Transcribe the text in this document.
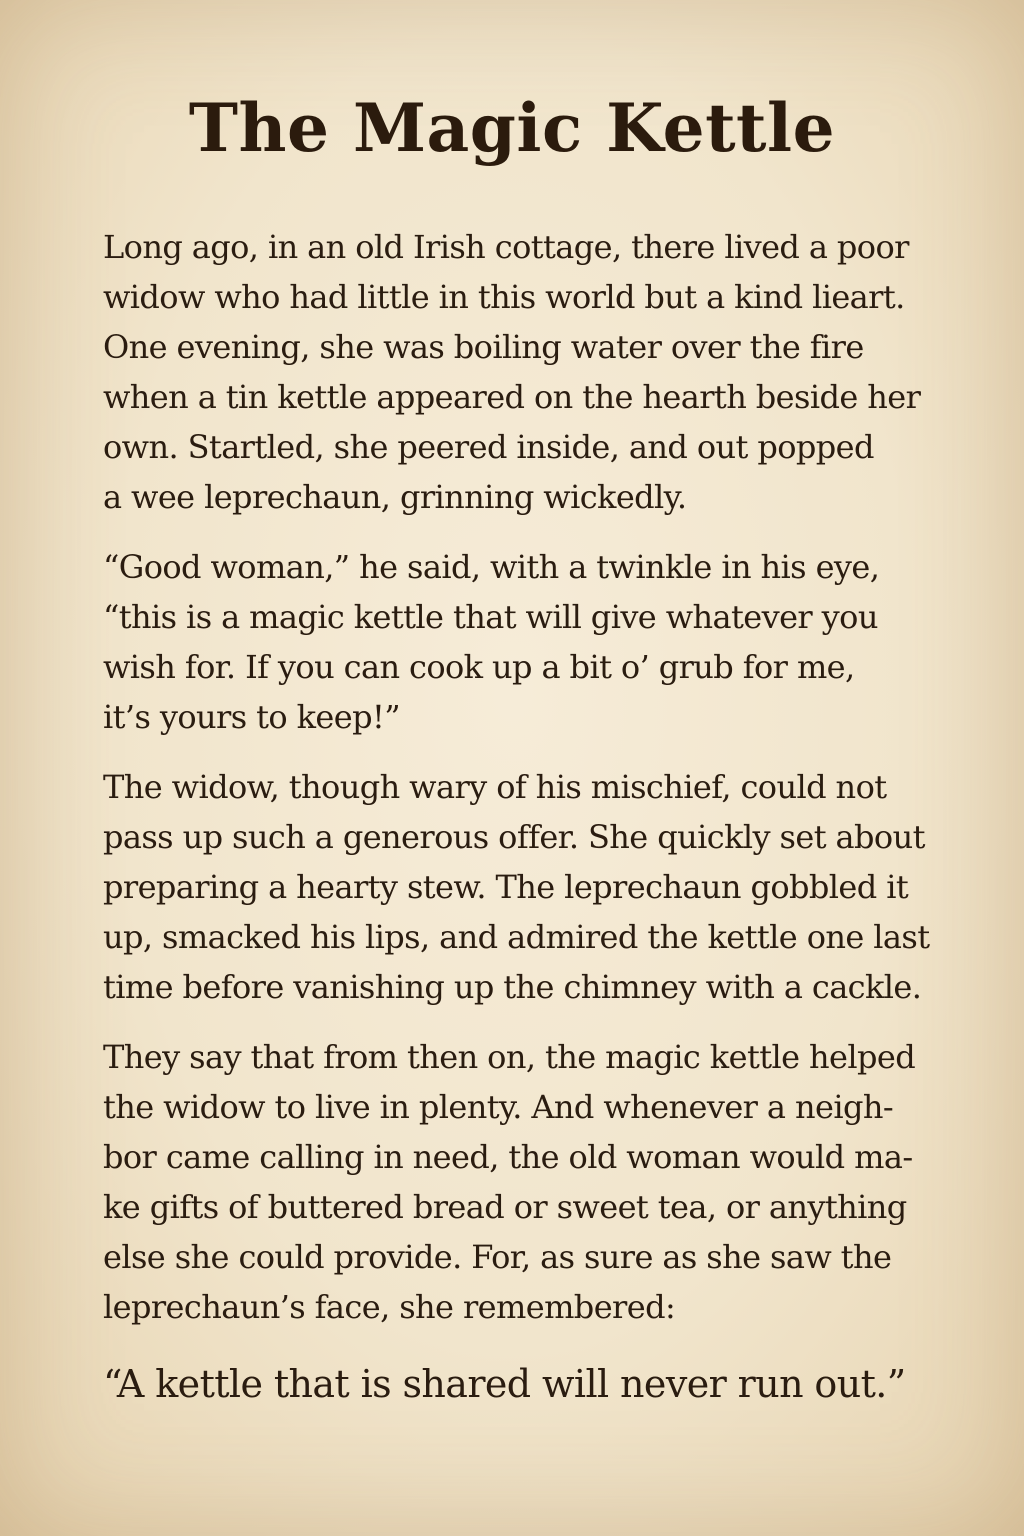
The Magic Kettle

Long ago, in an old Irish cottage, there lived a poor
widow who had little in this world but a kind lieart.
One evening, she was boiling water over the fire
when a tin kettle appeared on the hearth beside her
own. Startled, she peered inside, and out popped
a wee leprechaun, grinning wickedly.

“Good woman,” he said, with a twinkle in his eye,
“this is a magic kettle that will give whatever you
wish for. If you can cook up a bit o’ grub for me,
it’s yours to keep!”

The widow, though wary of his mischief, could not
pass up such a generous offer. She quickly set about
preparing a hearty stew. The leprechaun gobbled it
up, smacked his lips, and admired the kettle one last
time before vanishing up the chimney with a cackle.

They say that from then on, the magic kettle helped
the widow to live in plenty. And whenever a neigh-
bor came calling in need, the old woman would ma-
ke gifts of buttered bread or sweet tea, or anything
else she could provide. For, as sure as she saw the
leprechaun’s face, she remembered:

“A kettle that is shared will never run out.”
